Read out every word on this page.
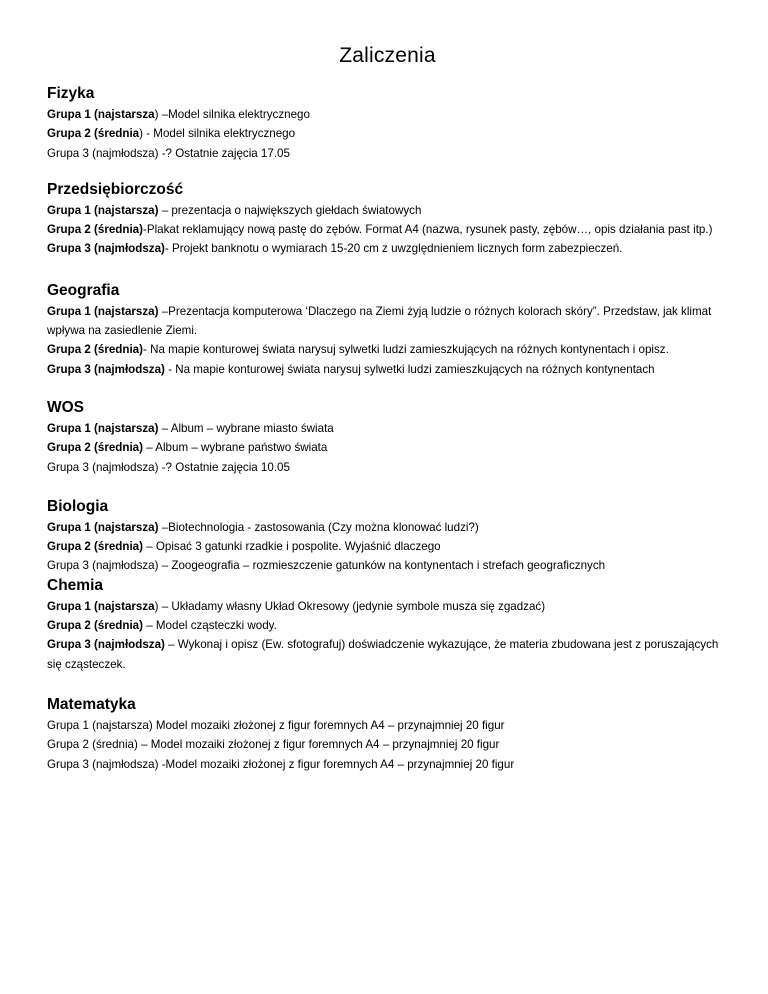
Zaliczenia
Fizyka

Grupa 1 (najstarsza) –Model silnika elektrycznego

Grupa 2 (średnia) - Model silnika elektrycznego

Grupa 3 (najmłodsza) -? Ostatnie zajęcia 17.05

Przedsiębiorczość

Grupa 1 (najstarsza) – prezentacja o największych giełdach światowych

Grupa 2 (średnia)-Plakat reklamujący nową pastę do zębów. Format A4 (nazwa, rysunek pasty, zębów…, opis działania past itp.)

Grupa 3 (najmłodsza)- Projekt banknotu o wymiarach 15-20 cm z uwzględnieniem licznych form zabezpieczeń.

Geografia

Grupa 1 (najstarsza) –Prezentacja komputerowa ‘Dlaczego na Ziemi żyją ludzie o różnych kolorach skóry”. Przedstaw, jak klimat wpływa na zasiedlenie Ziemi.

Grupa 2 (średnia)- Na mapie konturowej świata narysuj sylwetki ludzi zamieszkujących na różnych kontynentach i opisz.

Grupa 3 (najmłodsza) - Na mapie konturowej świata narysuj sylwetki ludzi zamieszkujących na różnych kontynentach

WOS

Grupa 1 (najstarsza) – Album – wybrane miasto świata

Grupa 2 (średnia) – Album – wybrane państwo świata

Grupa 3 (najmłodsza) -? Ostatnie zajęcia 10.05

Biologia

Grupa 1 (najstarsza) –Biotechnologia - zastosowania (Czy można klonować ludzi?)

Grupa 2 (średnia) – Opisać 3 gatunki rzadkie i pospolite. Wyjaśnić dlaczego

Grupa 3 (najmłodsza) – Zoogeografia – rozmieszczenie gatunków na kontynentach i strefach geograficznych

Chemia

Grupa 1 (najstarsza) – Układamy własny Układ Okresowy (jedynie symbole musza się zgadzać)

Grupa 2 (średnia) – Model cząsteczki wody.

Grupa 3 (najmłodsza) – Wykonaj i opisz (Ew. sfotografuj) doświadczenie wykazujące, że materia zbudowana jest z poruszających się cząsteczek.

Matematyka

Grupa 1 (najstarsza) Model mozaiki złożonej z figur foremnych A4 – przynajmniej 20 figur

Grupa 2 (średnia) – Model mozaiki złożonej z figur foremnych A4 – przynajmniej 20 figur

Grupa 3 (najmłodsza) -Model mozaiki złożonej z figur foremnych A4 – przynajmniej 20 figur
